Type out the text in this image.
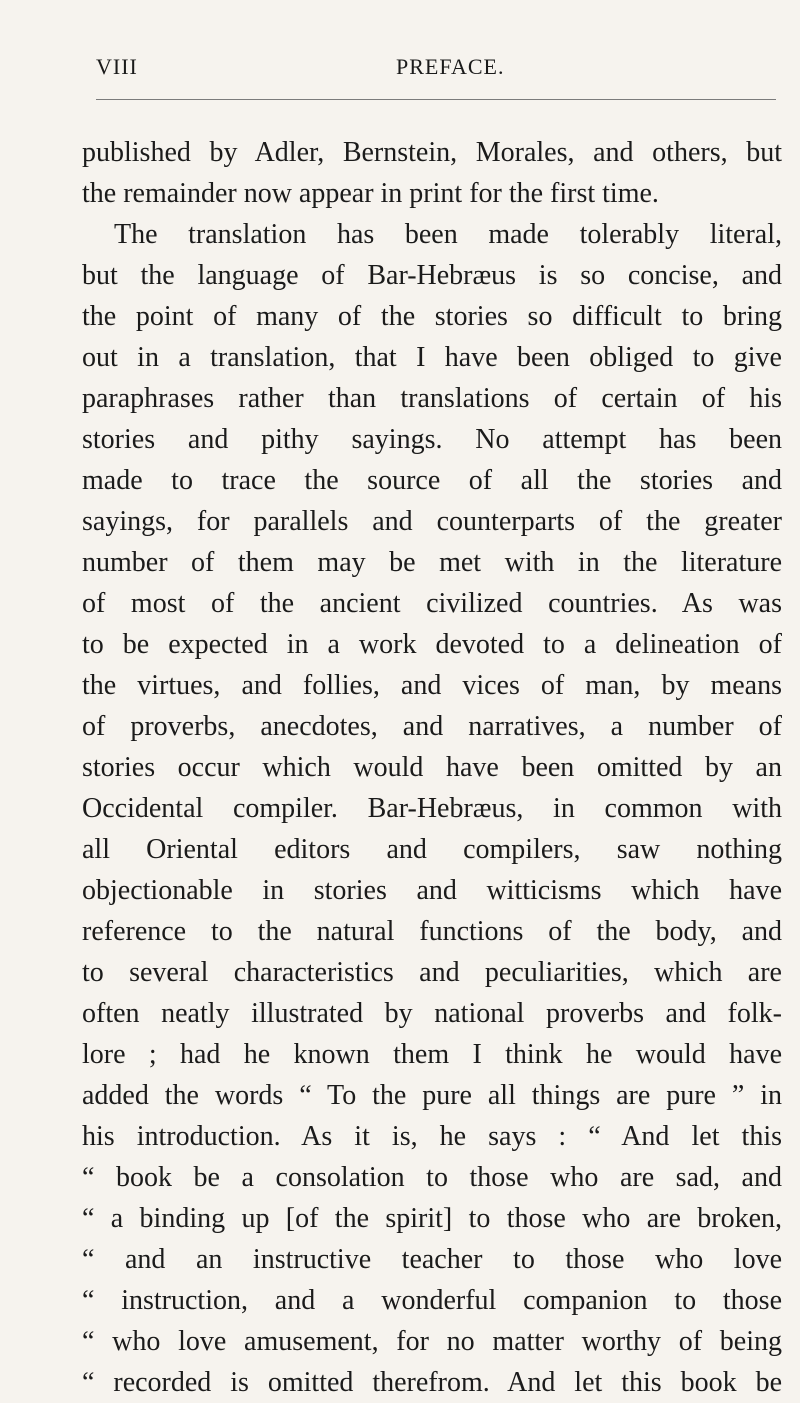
VIII	PREFACE.
published by Adler, Bernstein, Morales, and others, but
the remainder now appear in print for the first time.
The translation has been made tolerably literal,
but the language of Bar-Hebræus is so concise, and
the point of many of the stories so difficult to bring
out in a translation, that I have been obliged to give
paraphrases rather than translations of certain of his
stories and pithy sayings. No attempt has been
made to trace the source of all the stories and
sayings, for parallels and counterparts of the greater
number of them may be met with in the literature
of most of the ancient civilized countries. As was
to be expected in a work devoted to a delineation of
the virtues, and follies, and vices of man, by means
of proverbs, anecdotes, and narratives, a number of
stories occur which would have been omitted by an
Occidental compiler. Bar-Hebræus, in common with
all Oriental editors and compilers, saw nothing
objectionable in stories and witticisms which have
reference to the natural functions of the body, and
to several characteristics and peculiarities, which are
often neatly illustrated by national proverbs and folk-
lore ; had he known them I think he would have
added the words “ To the pure all things are pure ” in
his introduction. As it is, he says : “ And let this
“ book be a consolation to those who are sad, and
“ a binding up [of the spirit] to those who are broken,
“ and an instructive teacher to those who love
“ instruction, and a wonderful companion to those
“ who love amusement, for no matter worthy of being
“ recorded is omitted therefrom. And let this book be
